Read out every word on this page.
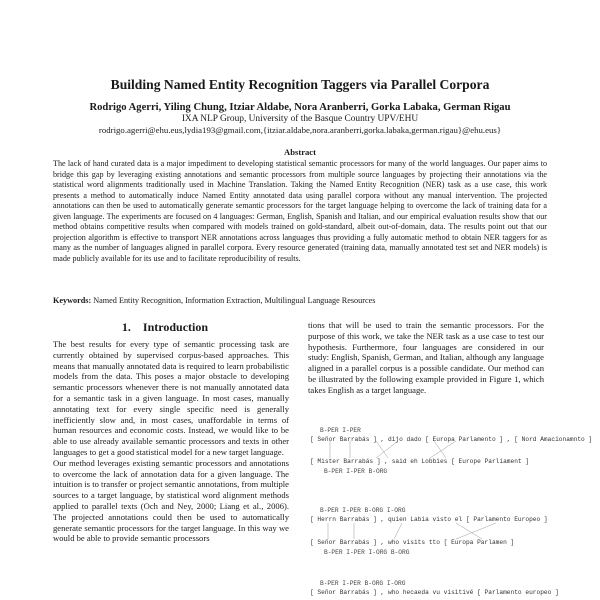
Building Named Entity Recognition Taggers via Parallel Corpora
Rodrigo Agerri, Yiling Chung, Itziar Aldabe, Nora Aranberri, Gorka Labaka, German Rigau
IXA NLP Group, University of the Basque Country UPV/EHU
rodrigo.agerri@ehu.eus,lydia193@gmail.com,{itziar.aldabe,nora.aranberri,gorka.labaka,german.rigau}@ehu.eus}
Abstract
The lack of hand curated data is a major impediment to developing statistical semantic processors for many of the world languages. Our paper aims to bridge this gap by leveraging existing annotations and semantic processors from multiple source languages by projecting their annotations via the statistical word alignments traditionally used in Machine Translation. Taking the Named Entity Recognition (NER) task as a use case, this work presents a method to automatically induce Named Entity annotated data using parallel corpora without any manual intervention. The projected annotations can then be used to automatically generate semantic processors for the target language helping to overcome the lack of training data for a given language. The experiments are focused on 4 languages: German, English, Spanish and Italian, and our empirical evaluation results show that our method obtains competitive results when compared with models trained on gold-standard, albeit out-of-domain, data. The results point out that our projection algorithm is effective to transport NER annotations across languages thus providing a fully automatic method to obtain NER taggers for as many as the number of languages aligned in parallel corpora. Every resource generated (training data, manually annotated test set and NER models) is made publicly available for its use and to facilitate reproducibility of results.
Keywords: Named Entity Recognition, Information Extraction, Multilingual Language Resources
1. Introduction

The best results for every type of semantic processing task are currently obtained by supervised corpus-based approaches. This means that manually annotated data is required to learn probabilistic models from the data. This poses a major obstacle to developing semantic processors whenever there is not manually annotated data for a semantic task in a given language. In most cases, manually annotating text for every single specific need is generally inefficiently slow and, in most cases, unaffordable in terms of human resources and economic costs. Instead, we would like to be able to use already available semantic processors and texts in other languages to get a good statistical model for a new target language.

Our method leverages existing semantic processors and annotations to overcome the lack of annotation data for a given language. The intuition is to transfer or project semantic annotations, from multiple sources to a target language, by statistical word alignment methods applied to parallel texts (Och and Ney, 2000; Liang et al., 2006). The projected annotations could then be used to automatically generate semantic processors for the target language. In this way we would be able to provide semantic processors

tions that will be used to train the semantic processors. For the purpose of this work, we take the NER task as a use case to test our hypothesis. Furthermore, four languages are considered in our study: English, Spanish, German, and Italian, although any language aligned in a parallel corpus is a possible candidate. Our method can be illustrated by the following example provided in Figure 1, which takes English as a target language.

B-PER I-PER
[ Señor Barrabás ] , dijo dado [ Europa Parlamento ] , [ Nord Amacionamnto ]
[ Mister Barrabás ] , said eh Lobbies [ Europe Parliament ]
B-PER I-PER B-ORG
B-PER I-PER B-ORG I-ORG
[ Herrn Barrabás ] , quien Labia visto el [ Parlamento Europeo ]
[ Señor Barrabás ] , who visits tto [ Europa Parlamen ]
B-PER I-PER I-ORG B-ORG
B-PER I-PER B-ORG I-ORG
[ Señor Barrabás ] , who hecaeda vu visitivé [ Parlamento europeo ]
